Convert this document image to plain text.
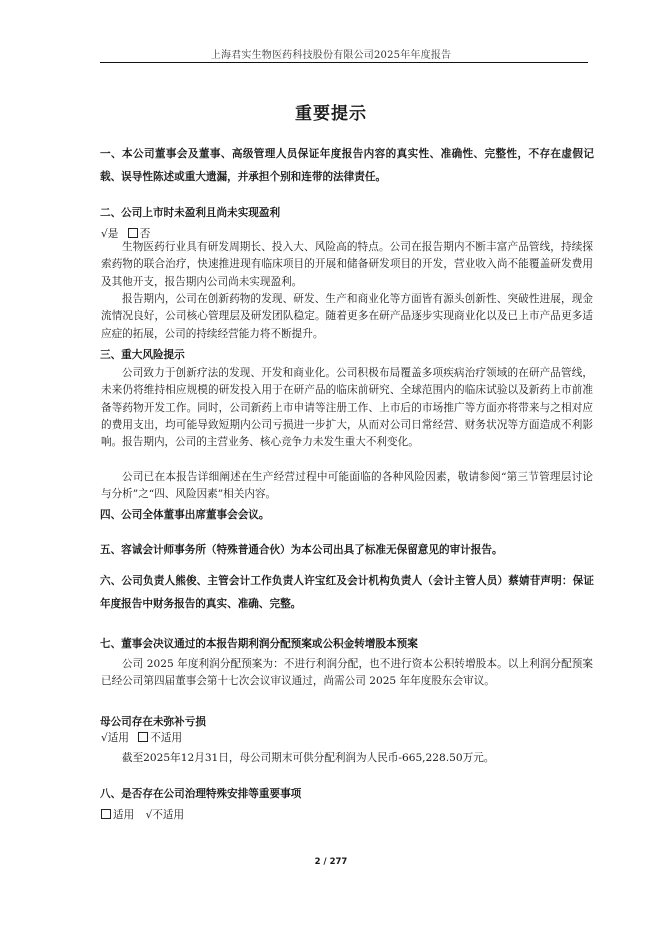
上海君实生物医药科技股份有限公司2025年年度报告
重要提示
一、本公司董事会及董事、高级管理人员保证年度报告内容的真实性、准确性、完整性，不存在虚假记载、误导性陈述或重大遗漏，并承担个别和连带的法律责任。
二、公司上市时未盈利且尚未实现盈利
√是 否
生物医药行业具有研发周期长、投入大、风险高的特点。公司在报告期内不断丰富产品管线，持续探索药物的联合治疗，快速推进现有临床项目的开展和储备研发项目的开发，营业收入尚不能覆盖研发费用及其他开支，报告期内公司尚未实现盈利。
报告期内，公司在创新药物的发现、研发、生产和商业化等方面皆有源头创新性、突破性进展，现金流情况良好，公司核心管理层及研发团队稳定。随着更多在研产品逐步实现商业化以及已上市产品更多适应症的拓展，公司的持续经营能力将不断提升。
三、重大风险提示
公司致力于创新疗法的发现、开发和商业化。公司积极布局覆盖多项疾病治疗领域的在研产品管线，未来仍将维持相应规模的研发投入用于在研产品的临床前研究、全球范围内的临床试验以及新药上市前准备等药物开发工作。同时，公司新药上市申请等注册工作、上市后的市场推广等方面亦将带来与之相对应的费用支出，均可能导致短期内公司亏损进一步扩大，从而对公司日常经营、财务状况等方面造成不利影响。报告期内，公司的主营业务、核心竞争力未发生重大不利变化。
公司已在本报告详细阐述在生产经营过程中可能面临的各种风险因素，敬请参阅“第三节管理层讨论与分析”之“四、风险因素”相关内容。
四、公司全体董事出席董事会会议。
五、容诚会计师事务所（特殊普通合伙）为本公司出具了标准无保留意见的审计报告。
六、公司负责人熊俊、主管会计工作负责人许宝红及会计机构负责人（会计主管人员）蔡婧苷声明：保证年度报告中财务报告的真实、准确、完整。
七、董事会决议通过的本报告期利润分配预案或公积金转增股本预案
公司 2025 年度利润分配预案为：不进行利润分配，也不进行资本公积转增股本。以上利润分配预案已经公司第四届董事会第十七次会议审议通过，尚需公司 2025 年年度股东会审议。
母公司存在未弥补亏损
√适用 不适用
截至2025年12月31日，母公司期末可供分配利润为人民币-665,228.50万元。
八、是否存在公司治理特殊安排等重要事项
适用 √不适用
2 / 277
